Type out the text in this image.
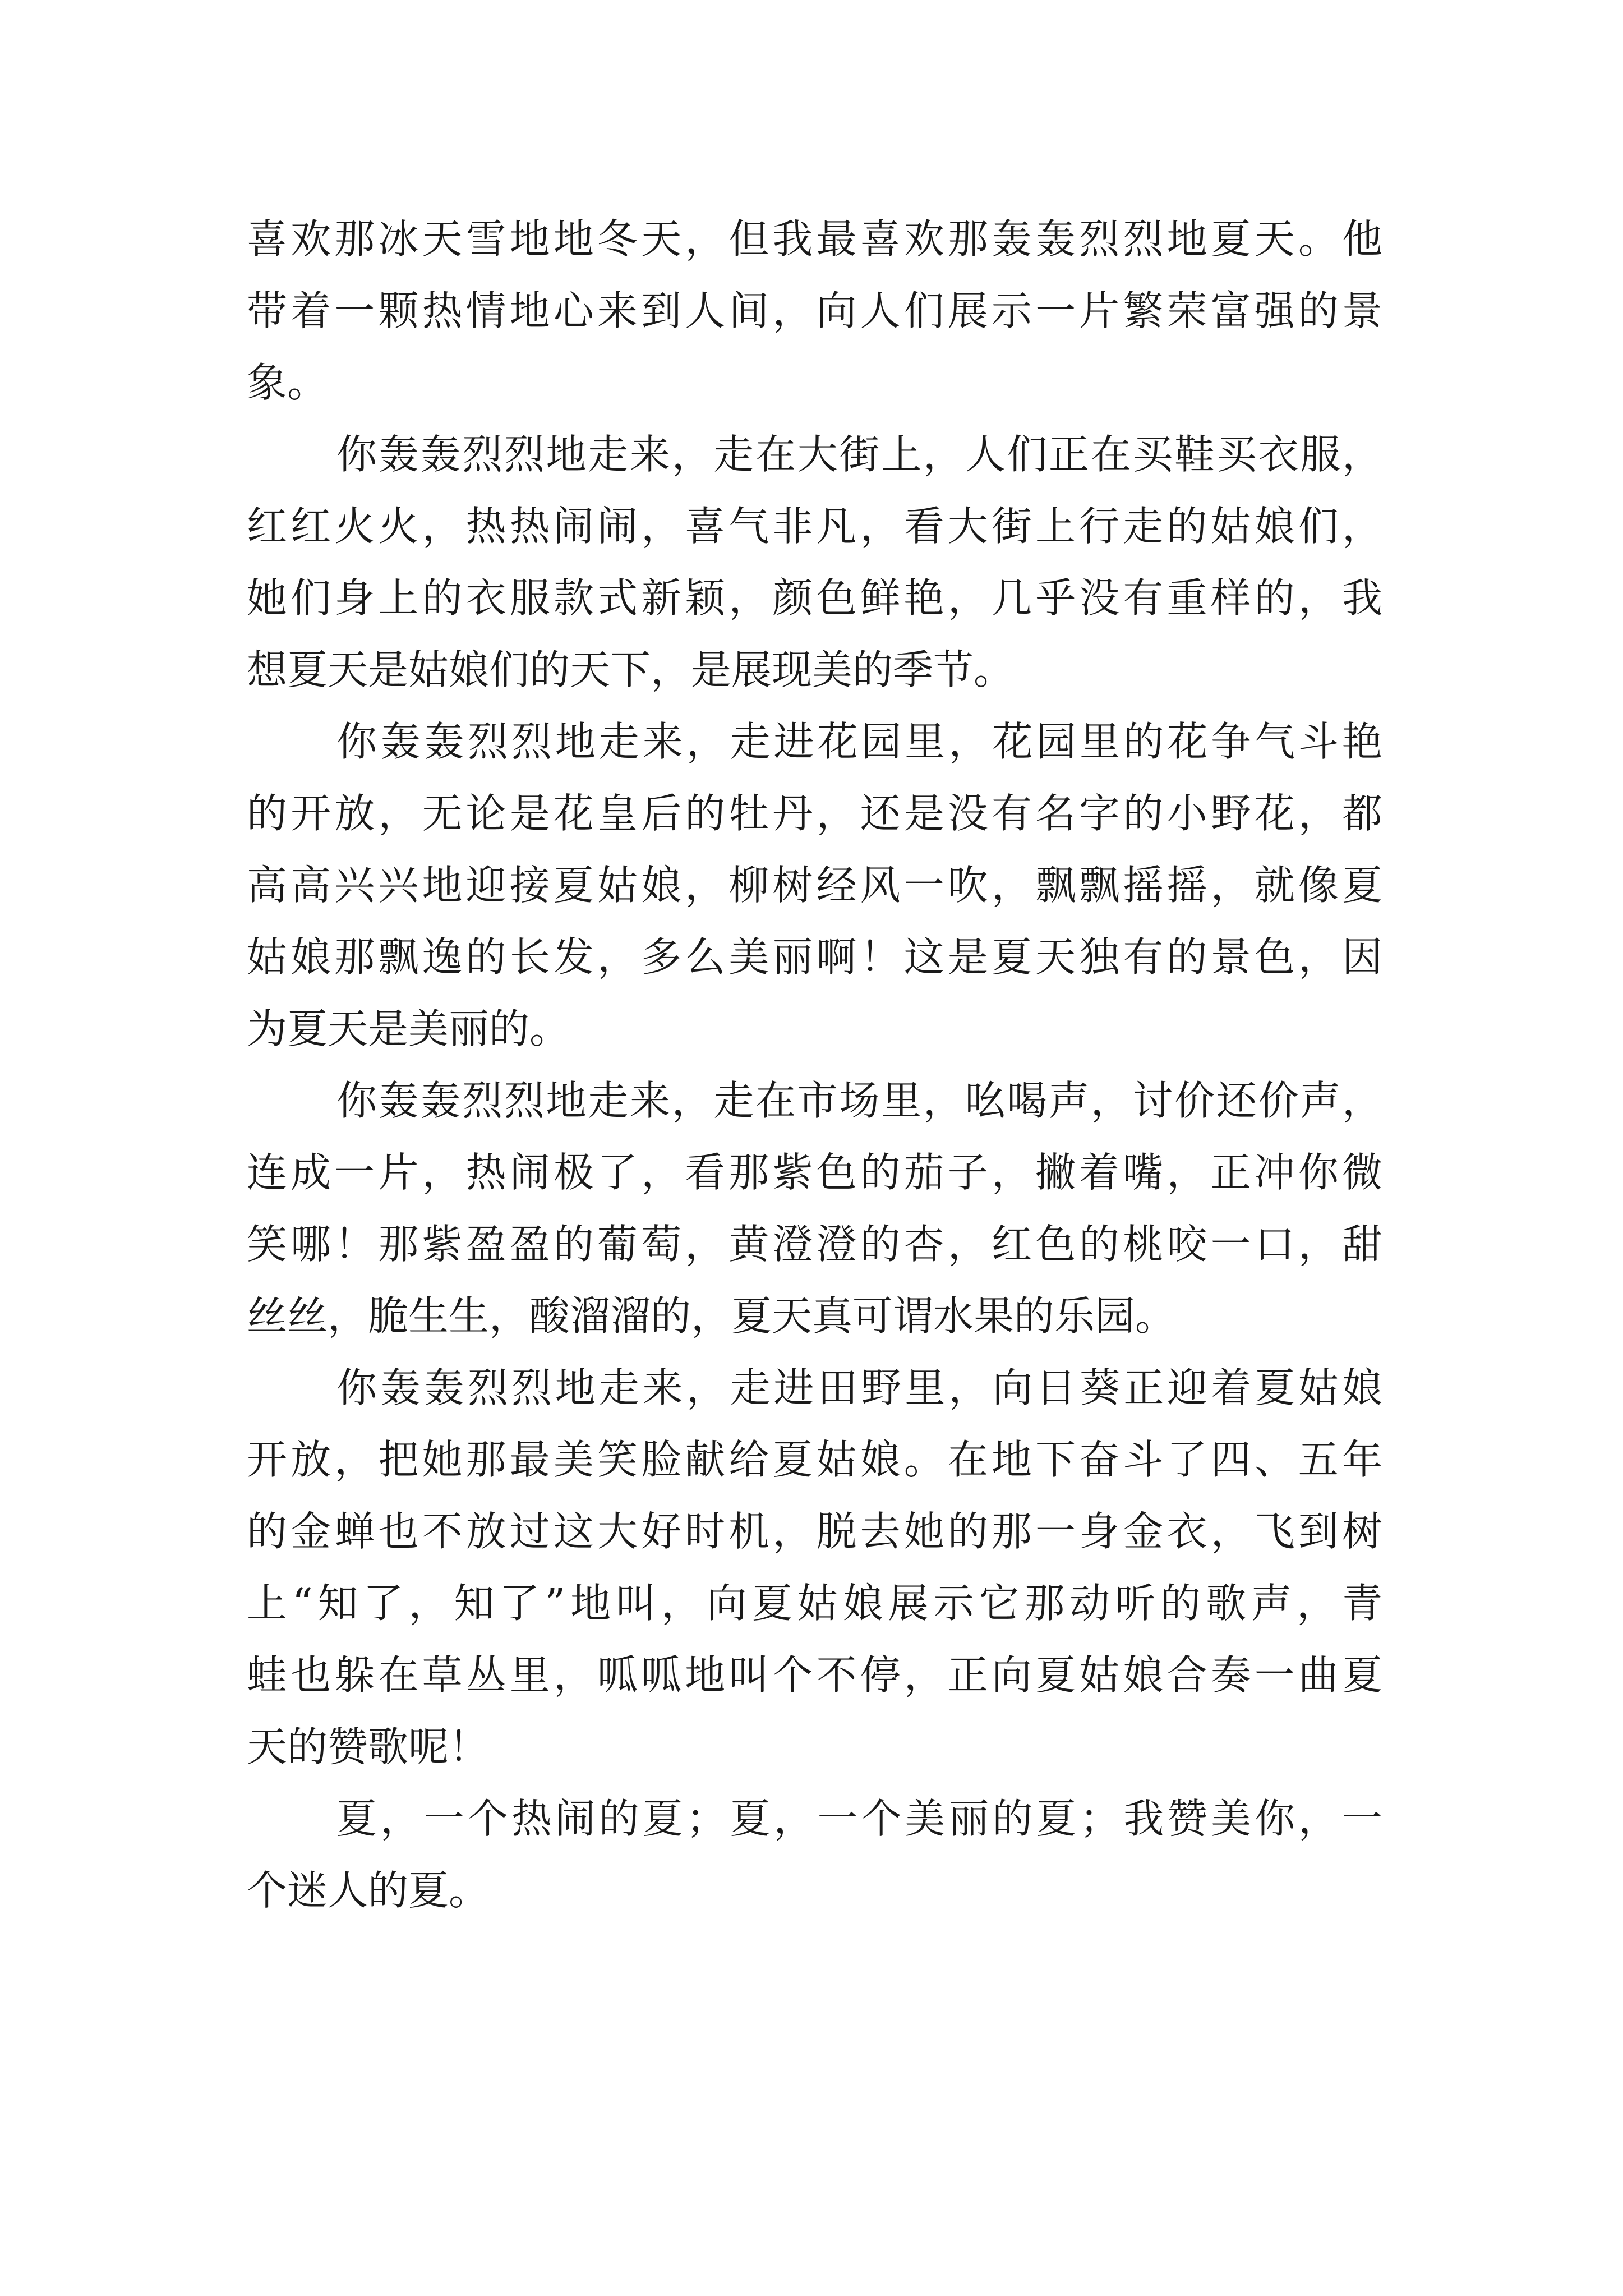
喜欢那冰天雪地地冬天，但我最喜欢那轰轰烈烈地夏天。他
带着一颗热情地心来到人间，向人们展示一片繁荣富强的景
象。
你轰轰烈烈地走来，走在大街上，人们正在买鞋买衣服，
红红火火，热热闹闹，喜气非凡，看大街上行走的姑娘们，
她们身上的衣服款式新颖，颜色鲜艳，几乎没有重样的，我
想夏天是姑娘们的天下，是展现美的季节。
你轰轰烈烈地走来，走进花园里，花园里的花争气斗艳
的开放，无论是花皇后的牡丹，还是没有名字的小野花，都
高高兴兴地迎接夏姑娘，柳树经风一吹，飘飘摇摇，就像夏
姑娘那飘逸的长发，多么美丽啊！这是夏天独有的景色，因
为夏天是美丽的。
你轰轰烈烈地走来，走在市场里，吆喝声，讨价还价声，
连成一片，热闹极了，看那紫色的茄子，撇着嘴，正冲你微
笑哪！那紫盈盈的葡萄，黄澄澄的杏，红色的桃咬一口，甜
丝丝，脆生生，酸溜溜的，夏天真可谓水果的乐园。
你轰轰烈烈地走来，走进田野里，向日葵正迎着夏姑娘
开放，把她那最美笑脸献给夏姑娘。在地下奋斗了四、五年
的金蝉也不放过这大好时机，脱去她的那一身金衣，飞到树
上“知了，知了”地叫，向夏姑娘展示它那动听的歌声，青
蛙也躲在草丛里，呱呱地叫个不停，正向夏姑娘合奏一曲夏
天的赞歌呢！
夏，一个热闹的夏；夏，一个美丽的夏；我赞美你，一
个迷人的夏。
